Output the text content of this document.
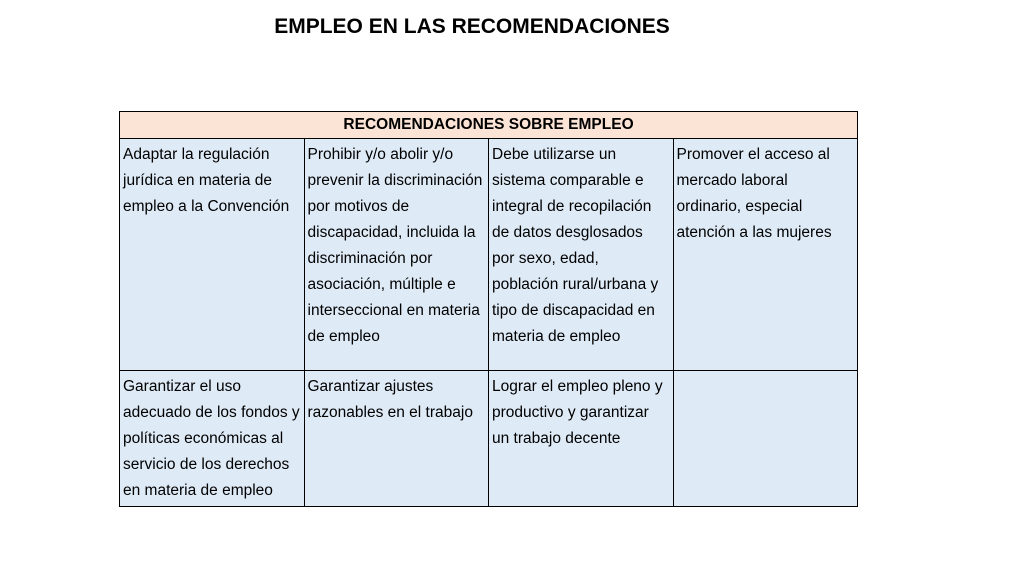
EMPLEO EN LAS RECOMENDACIONES
RECOMENDACIONES SOBRE EMPLEO			
Adaptar la regulación jurídica en materia de empleo a la Convención	Prohibir y/o abolir y/o prevenir la discriminación por motivos de discapacidad, incluida la discriminación por asociación, múltiple e interseccional en materia de empleo	Debe utilizarse un sistema comparable e integral de recopilación de datos desglosados por sexo, edad, población rural/urbana y tipo de discapacidad en materia de empleo	Promover el acceso al mercado laboral ordinario, especial atención a las mujeres
Garantizar el uso adecuado de los fondos y políticas económicas al servicio de los derechos en materia de empleo	Garantizar ajustes razonables en el trabajo	Lograr el empleo pleno y productivo y garantizar un trabajo decente	
